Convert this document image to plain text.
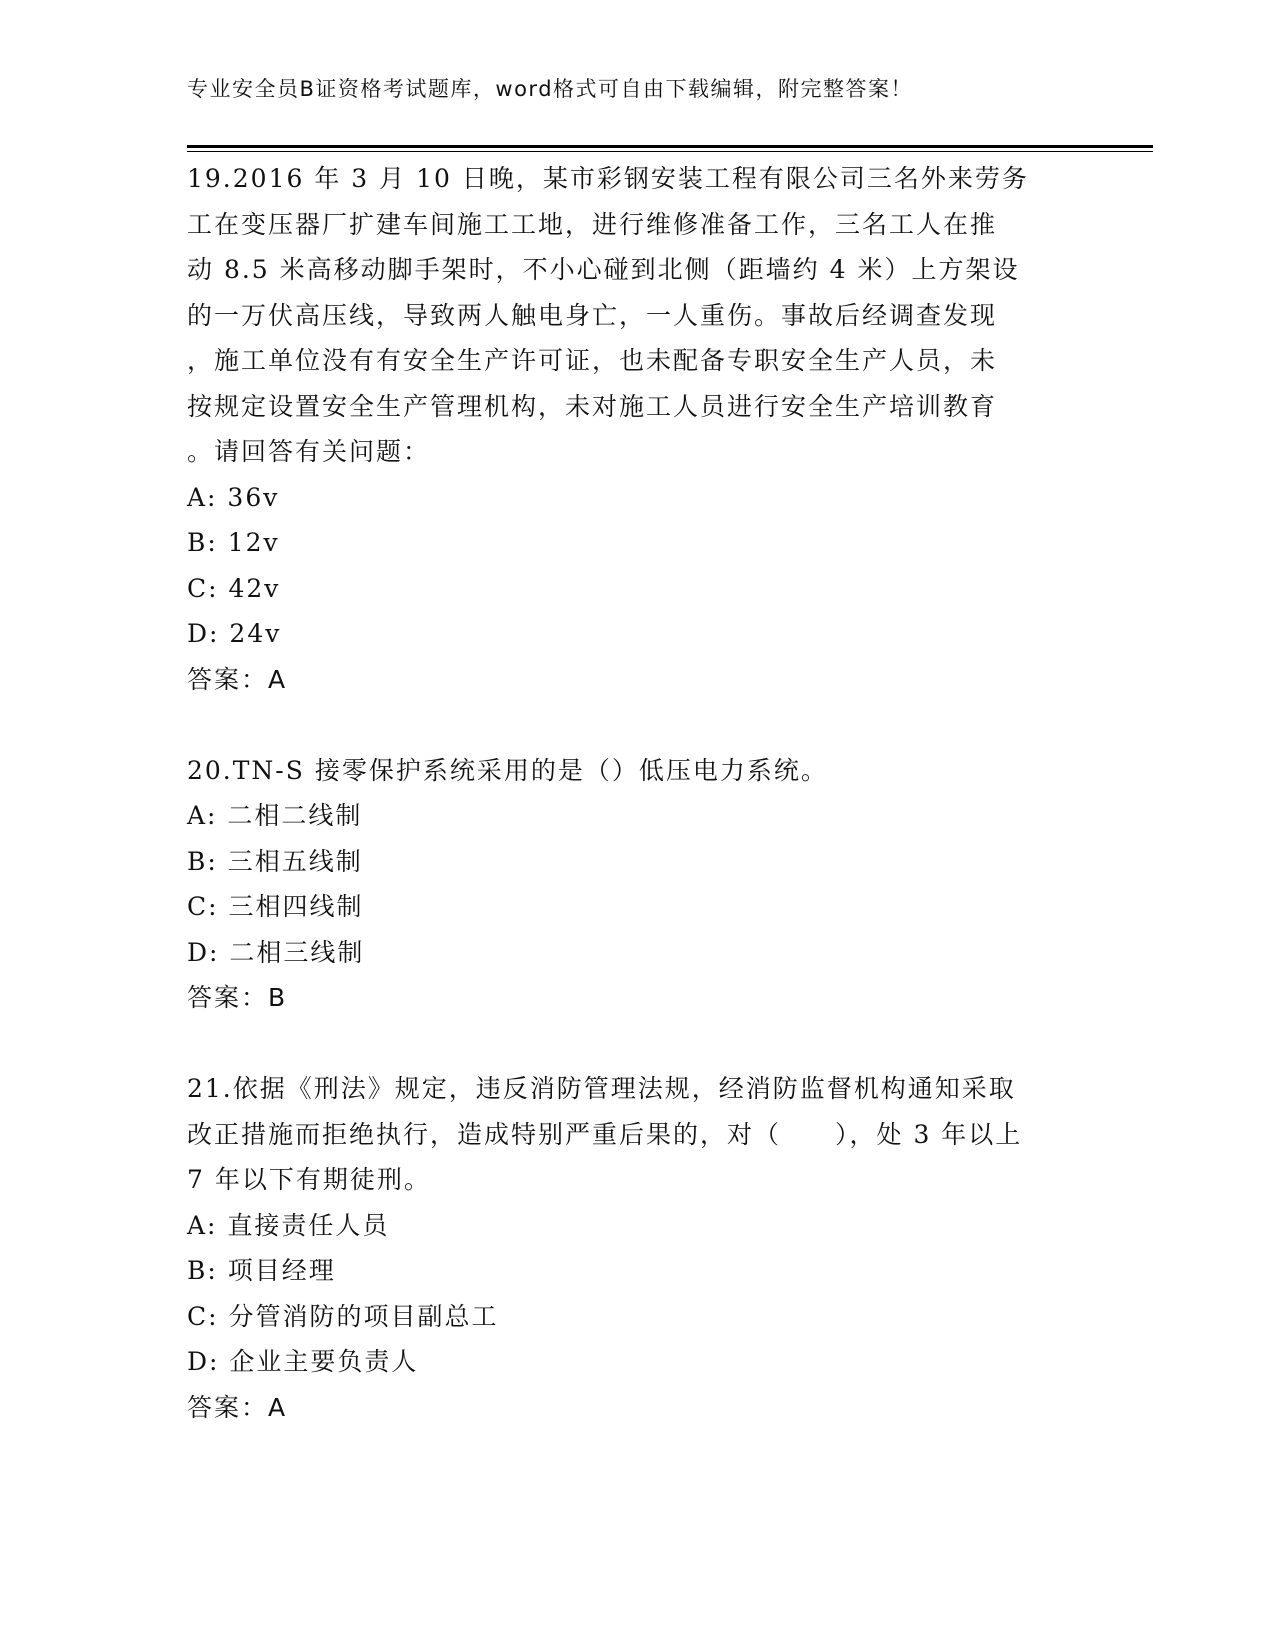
专业安全员B证资格考试题库，word格式可自由下载编辑，附完整答案！
19.2016 年 3 月 10 日晚，某市彩钢安装工程有限公司三名外来劳务
工在变压器厂扩建车间施工工地，进行维修准备工作，三名工人在推
动 8.5 米高移动脚手架时，不小心碰到北侧（距墙约 4 米）上方架设
的一万伏高压线，导致两人触电身亡，一人重伤。事故后经调查发现
，施工单位没有有安全生产许可证，也未配备专职安全生产人员，未
按规定设置安全生产管理机构，未对施工人员进行安全生产培训教育
。请回答有关问题：
A: 36v
B: 12v
C: 42v
D: 24v
答案：A
20.TN-S 接零保护系统采用的是（）低压电力系统。
A: 二相二线制
B: 三相五线制
C: 三相四线制
D: 二相三线制
答案：B
21.依据《刑法》规定，违反消防管理法规，经消防监督机构通知采取
改正措施而拒绝执行，造成特别严重后果的，对（　　），处 3 年以上
7 年以下有期徒刑。
A: 直接责任人员
B: 项目经理
C: 分管消防的项目副总工
D: 企业主要负责人
答案：A
